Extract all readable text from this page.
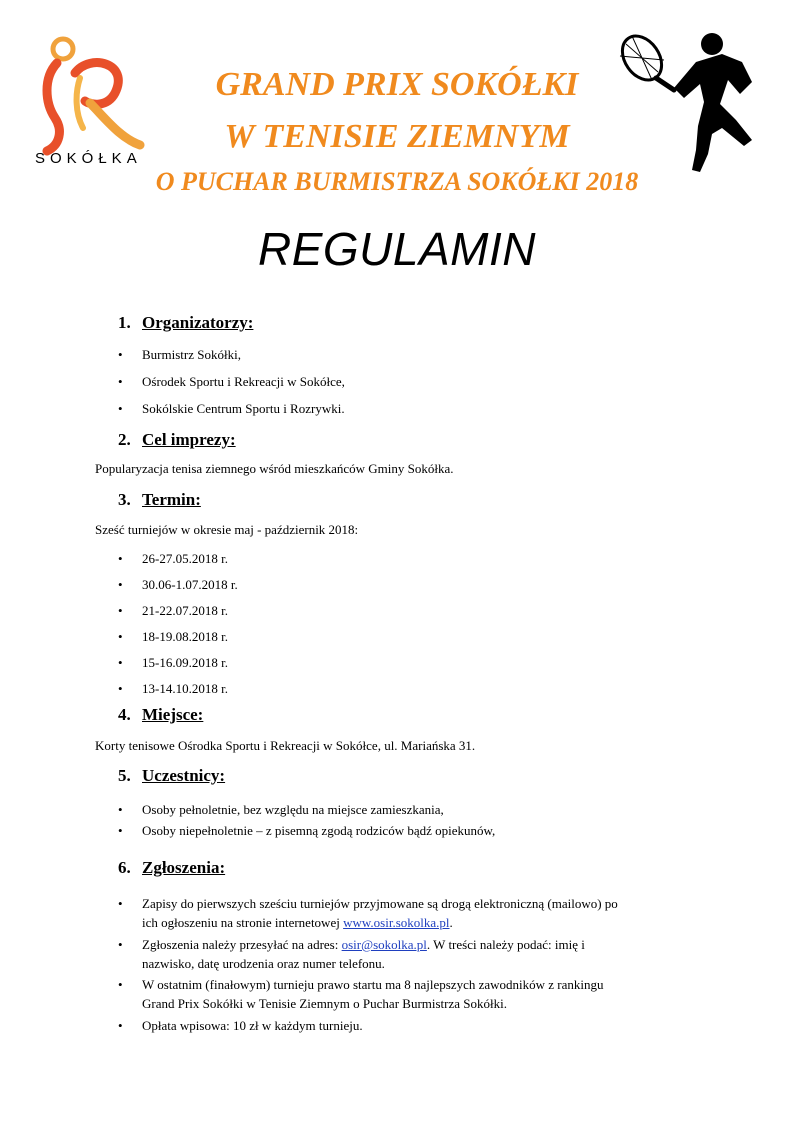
SOKÓŁKA
GRAND PRIX SOKÓŁKI
W TENISIE ZIEMNYM
O PUCHAR BURMISTRZA SOKÓŁKI 2018
REGULAMIN
1. Organizatorzy:
• Burmistrz Sokółki,
• Ośrodek Sportu i Rekreacji w Sokółce,
• Sokólskie Centrum Sportu i Rozrywki.
2. Cel imprezy:
Popularyzacja tenisa ziemnego wśród mieszkańców Gminy Sokółka.
3. Termin:
Sześć turniejów w okresie maj - październik 2018:
• 26-27.05.2018 r.
• 30.06-1.07.2018 r.
• 21-22.07.2018 r.
• 18-19.08.2018 r.
• 15-16.09.2018 r.
• 13-14.10.2018 r.
4. Miejsce:
Korty tenisowe Ośrodka Sportu i Rekreacji w Sokółce, ul. Mariańska 31.
5. Uczestnicy:
• Osoby pełnoletnie, bez względu na miejsce zamieszkania,
• Osoby niepełnoletnie – z pisemną zgodą rodziców bądź opiekunów,
6. Zgłoszenia:
• Zapisy do pierwszych sześciu turniejów przyjmowane są drogą elektroniczną (mailowo) po
ich ogłoszeniu na stronie internetowej www.osir.sokolka.pl.
• Zgłoszenia należy przesyłać na adres: osir@sokolka.pl. W treści należy podać: imię i
nazwisko, datę urodzenia oraz numer telefonu.
• W ostatnim (finałowym) turnieju prawo startu ma 8 najlepszych zawodników z rankingu
Grand Prix Sokółki w Tenisie Ziemnym o Puchar Burmistrza Sokółki.
• Opłata wpisowa: 10 zł w każdym turnieju.
